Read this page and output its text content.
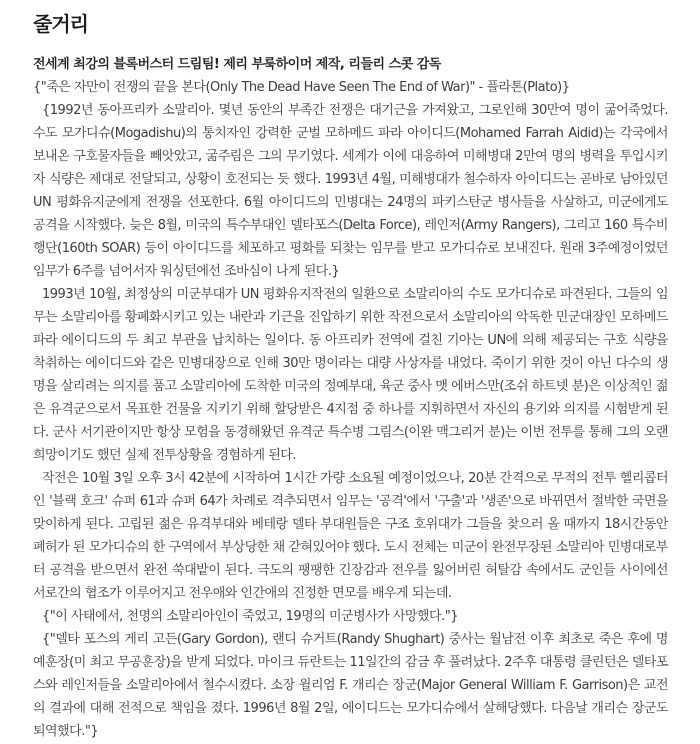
줄거리

전세계 최강의 블록버스터 드림팀! 제리 부룩하이머 제작, 리들리 스콧 감독

{"죽은 자만이 전쟁의 끝을 본다(Only The Dead Have Seen The End of War)" - 플라톤(Plato)}

{1992년 동아프리카 소말리아. 몇년 동안의 부족간 전쟁은 대기근을 가져왔고, 그로인해 30만여 명이 굶어죽었다. 수도 모가디슈(Mogadishu)의 통치자인 강력한 군벌 모하메드 파라 아이디드(Mohamed Farrah Aidid)는 각국에서 보내온 구호물자들을 빼앗았고, 굶주림은 그의 무기였다. 세계가 이에 대응하여 미해병대 2만여 명의 병력을 투입시키자 식량은 제대로 전달되고, 상황이 호전되는 듯 했다. 1993년 4월, 미해병대가 철수하자 아이디드는 곧바로 남아있던 UN 평화유지군에게 전쟁을 선포한다. 6월 아이디드의 민병대는 24명의 파키스탄군 병사들을 사살하고, 미군에게도 공격을 시작했다. 늦은 8월, 미국의 특수부대인 델타포스(Delta Force), 레인저(Army Rangers), 그리고 160 특수비행단(160th SOAR) 등이 아이디드를 체포하고 평화를 되찾는 임무를 받고 모가디슈로 보내진다. 원래 3주예정이었던 임무가 6주를 넘어서자 워싱턴에선 조바심이 나게 된다.}

1993년 10월, 최정상의 미군부대가 UN 평화유지작전의 일환으로 소말리아의 수도 모가디슈로 파견된다. 그들의 임무는 소말리아를 황폐화시키고 있는 내란과 기근을 진압하기 위한 작전으로서 소말리아의 악독한 민군대장인 모하메드 파라 에이디드의 두 최고 부관을 납치하는 일이다. 동 아프리카 전역에 걸친 기아는 UN에 의해 제공되는 구호 식량을 착취하는 에이디드와 같은 민병대장으로 인해 30만 명이라는 대량 사상자를 내었다. 죽이기 위한 것이 아닌 다수의 생명을 살리려는 의지를 품고 소말리아에 도착한 미국의 정예부대, 육군 중사 맷 에버스만(조쉬 하트넷 분)은 이상적인 젊은 유격군으로서 목표한 건물을 지키기 위해 할당받은 4지점 중 하나를 지휘하면서 자신의 용기와 의지를 시험받게 된다. 군사 서기관이지만 항상 모험을 동경해왔던 유격군 특수병 그림스(이완 맥그리거 분)는 이번 전투를 통해 그의 오랜 희망이기도 했던 실제 전투상황을 경험하게 된다.

작전은 10월 3일 오후 3시 42분에 시작하여 1시간 가량 소요될 예정이었으나, 20분 간격으로 무적의 전투 헬리콥터인 '블랙 호크' 슈퍼 61과 슈퍼 64가 차례로 격추되면서 임무는 '공격'에서 '구출'과 '생존'으로 바뀌면서 절박한 국면을 맞이하게 된다. 고립된 젊은 유격부대와 베테랑 델타 부대원들은 구조 호위대가 그들을 찾으러 올 때까지 18시간동안 폐허가 된 모가디슈의 한 구역에서 부상당한 채 갇혀있어야 했다. 도시 전체는 미군이 완전무장된 소말리아 민병대로부터 공격을 받으면서 완전 쑥대밭이 된다. 극도의 팽팽한 긴장감과 전우를 잃어버린 허탈감 속에서도 군인들 사이에선 서로간의 협조가 이루어지고 전우애와 인간애의 진정한 면모를 배우게 되는데.

{"이 사태에서, 천명의 소말리아인이 죽었고, 19명의 미군병사가 사망했다."}

{"델타 포스의 게리 고든(Gary Gordon), 랜디 슈거트(Randy Shughart) 중사는 월남전 이후 최초로 죽은 후에 명예훈장(미 최고 무공훈장)을 받게 되었다. 마이크 듀란트는 11일간의 감금 후 풀려났다. 2주후 대통령 클린턴은 델타포스와 레인저들을 소말리아에서 철수시켰다. 소장 윌리엄 F. 개리슨 장군(Major General William F. Garrison)은 교전의 결과에 대해 전적으로 책임을 졌다. 1996년 8월 2일, 에이디드는 모가디슈에서 살해당했다. 다음날 개리슨 장군도 퇴역했다."}
